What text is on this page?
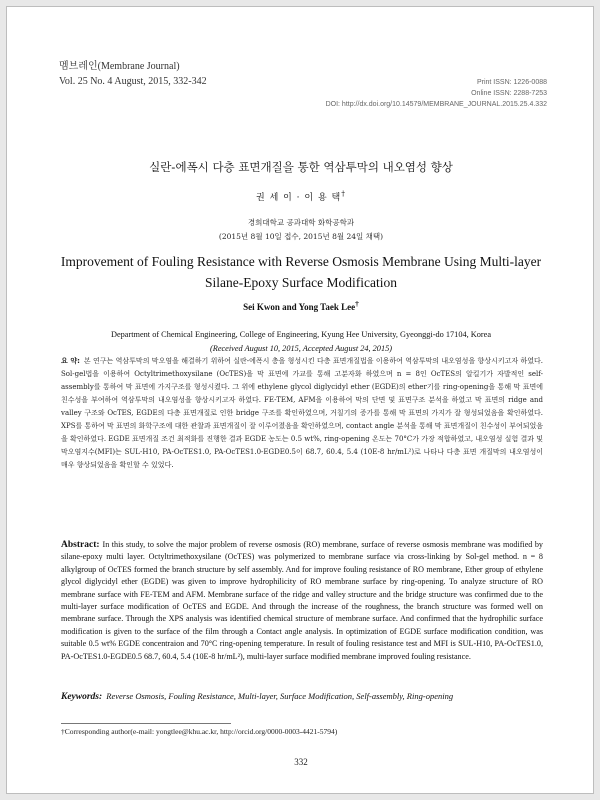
멤브레인(Membrane Journal)
Vol. 25 No. 4 August, 2015, 332-342	Print ISSN: 1226-0088
Online ISSN: 2288-7253
DOI: http://dx.doi.org/10.14579/MEMBRANE_JOURNAL.2015.25.4.332
실란-에폭시 다층 표면개질을 통한 역삼투막의 내오염성 향상
권 세 이 · 이 용 택†
경희대학교 공과대학 화학공학과
(2015년 8월 10일 접수, 2015년 8월 24일 채택)
Improvement of Fouling Resistance with Reverse Osmosis Membrane Using Multi-layer Silane-Epoxy Surface Modification
Sei Kwon and Yong Taek Lee†
Department of Chemical Engineering, College of Engineering, Kyung Hee University, Gyeonggi-do 17104, Korea
(Received August 10, 2015, Accepted August 24, 2015)
요 약: 본 연구는 역삼투막의 막오염을 해결하기 위하여 실란-에폭시 층을 형성시킨 다층 표면개질법을 이용하여 역삼투막의 내오염성을 향상시키고자 하였다. Sol-gel법을 이용하여 Octyltrimethoxysilane (OcTES)을 막 표면에 가교를 통해 고분자화 하였으며 n = 8인 OcTES의 알킬기가 자발적인 self-assembly를 통하여 막 표면에 가지구조를 형성시켰다. 그 위에 ethylene glycol diglycidyl ether (EGDE)의 ether기를 ring-opening을 통해 막 표면에 친수성을 부여하여 역삼투막의 내오염성을 향상시키고자 하였다. FE-TEM, AFM을 이용하여 막의 단면 및 표면구조 분석을 하였고 막 표면의 ridge and valley 구조와 OcTES, EGDE의 다층 표면개질로 인한 bridge 구조를 확인하였으며, 거칠기의 증가를 통해 막 표면의 가지가 잘 형성되었음을 확인하였다. XPS를 통하여 막 표면의 화학구조에 대한 관찰과 표면개질이 잘 이루어졌음을 확인하였으며, contact angle 분석을 통해 막 표면개질이 친수성이 부여되었음을 확인하였다. EGDE 표면개질 조건 최적화를 진행한 결과 EGDE 농도는 0.5 wt%, ring-opening 온도는 70°C가 가장 적합하였고, 내오염성 실험 결과 및 막오염지수(MFI)는 SUL-H10, PA-OcTES1.0, PA-OcTES1.0-EGDE0.5이 68.7, 60.4, 5.4 (10E-8 hr/mL²)로 나타나 다층 표면 개질막의 내오염성이 매우 향상되었음을 확인할 수 있었다.
Abstract: In this study, to solve the major problem of reverse osmosis (RO) membrane, surface of reverse osmosis membrane was modified by silane-epoxy multi layer. Octyltrimethoxysilane (OcTES) was polymerized to membrane surface via cross-linking by Sol-gel method. n = 8 alkylgroup of OcTES formed the branch structure by self assembly. And for improve fouling resistance of RO membrane, Ether group of ethylene glycol diglycidyl ether (EGDE) was given to improve hydrophilicity of RO membrane surface by ring-opening. To analyze structure of RO membrane surface with FE-TEM and AFM. Membrane surface of the ridge and valley structure and the bridge structure was confirmed due to the multi-layer surface modification of OcTES and EGDE. And through the increase of the roughness, the branch structure was formed well on membrane surface. Through the XPS analysis was identified chemical structure of membrane surface. And confirmed that the hydrophilic surface modification is given to the surface of the film through a Contact angle analysis. In optimization of EGDE surface modification condition, was suitable 0.5 wt% EGDE concentraion and 70°C ring-opening temperature. In result of fouling resistance test and MFI is SUL-H10, PA-OcTES1.0, PA-OcTES1.0-EGDE0.5 68.7, 60.4, 5.4 (10E-8 hr/mL²), multi-layer surface modified membrane improved fouling resistance.
Keywords: Reverse Osmosis, Fouling Resistance, Multi-layer, Surface Modification, Self-assembly, Ring-opening
†Corresponding author(e-mail: yongtlee@khu.ac.kr, http://orcid.org/0000-0003-4421-5794)
332
